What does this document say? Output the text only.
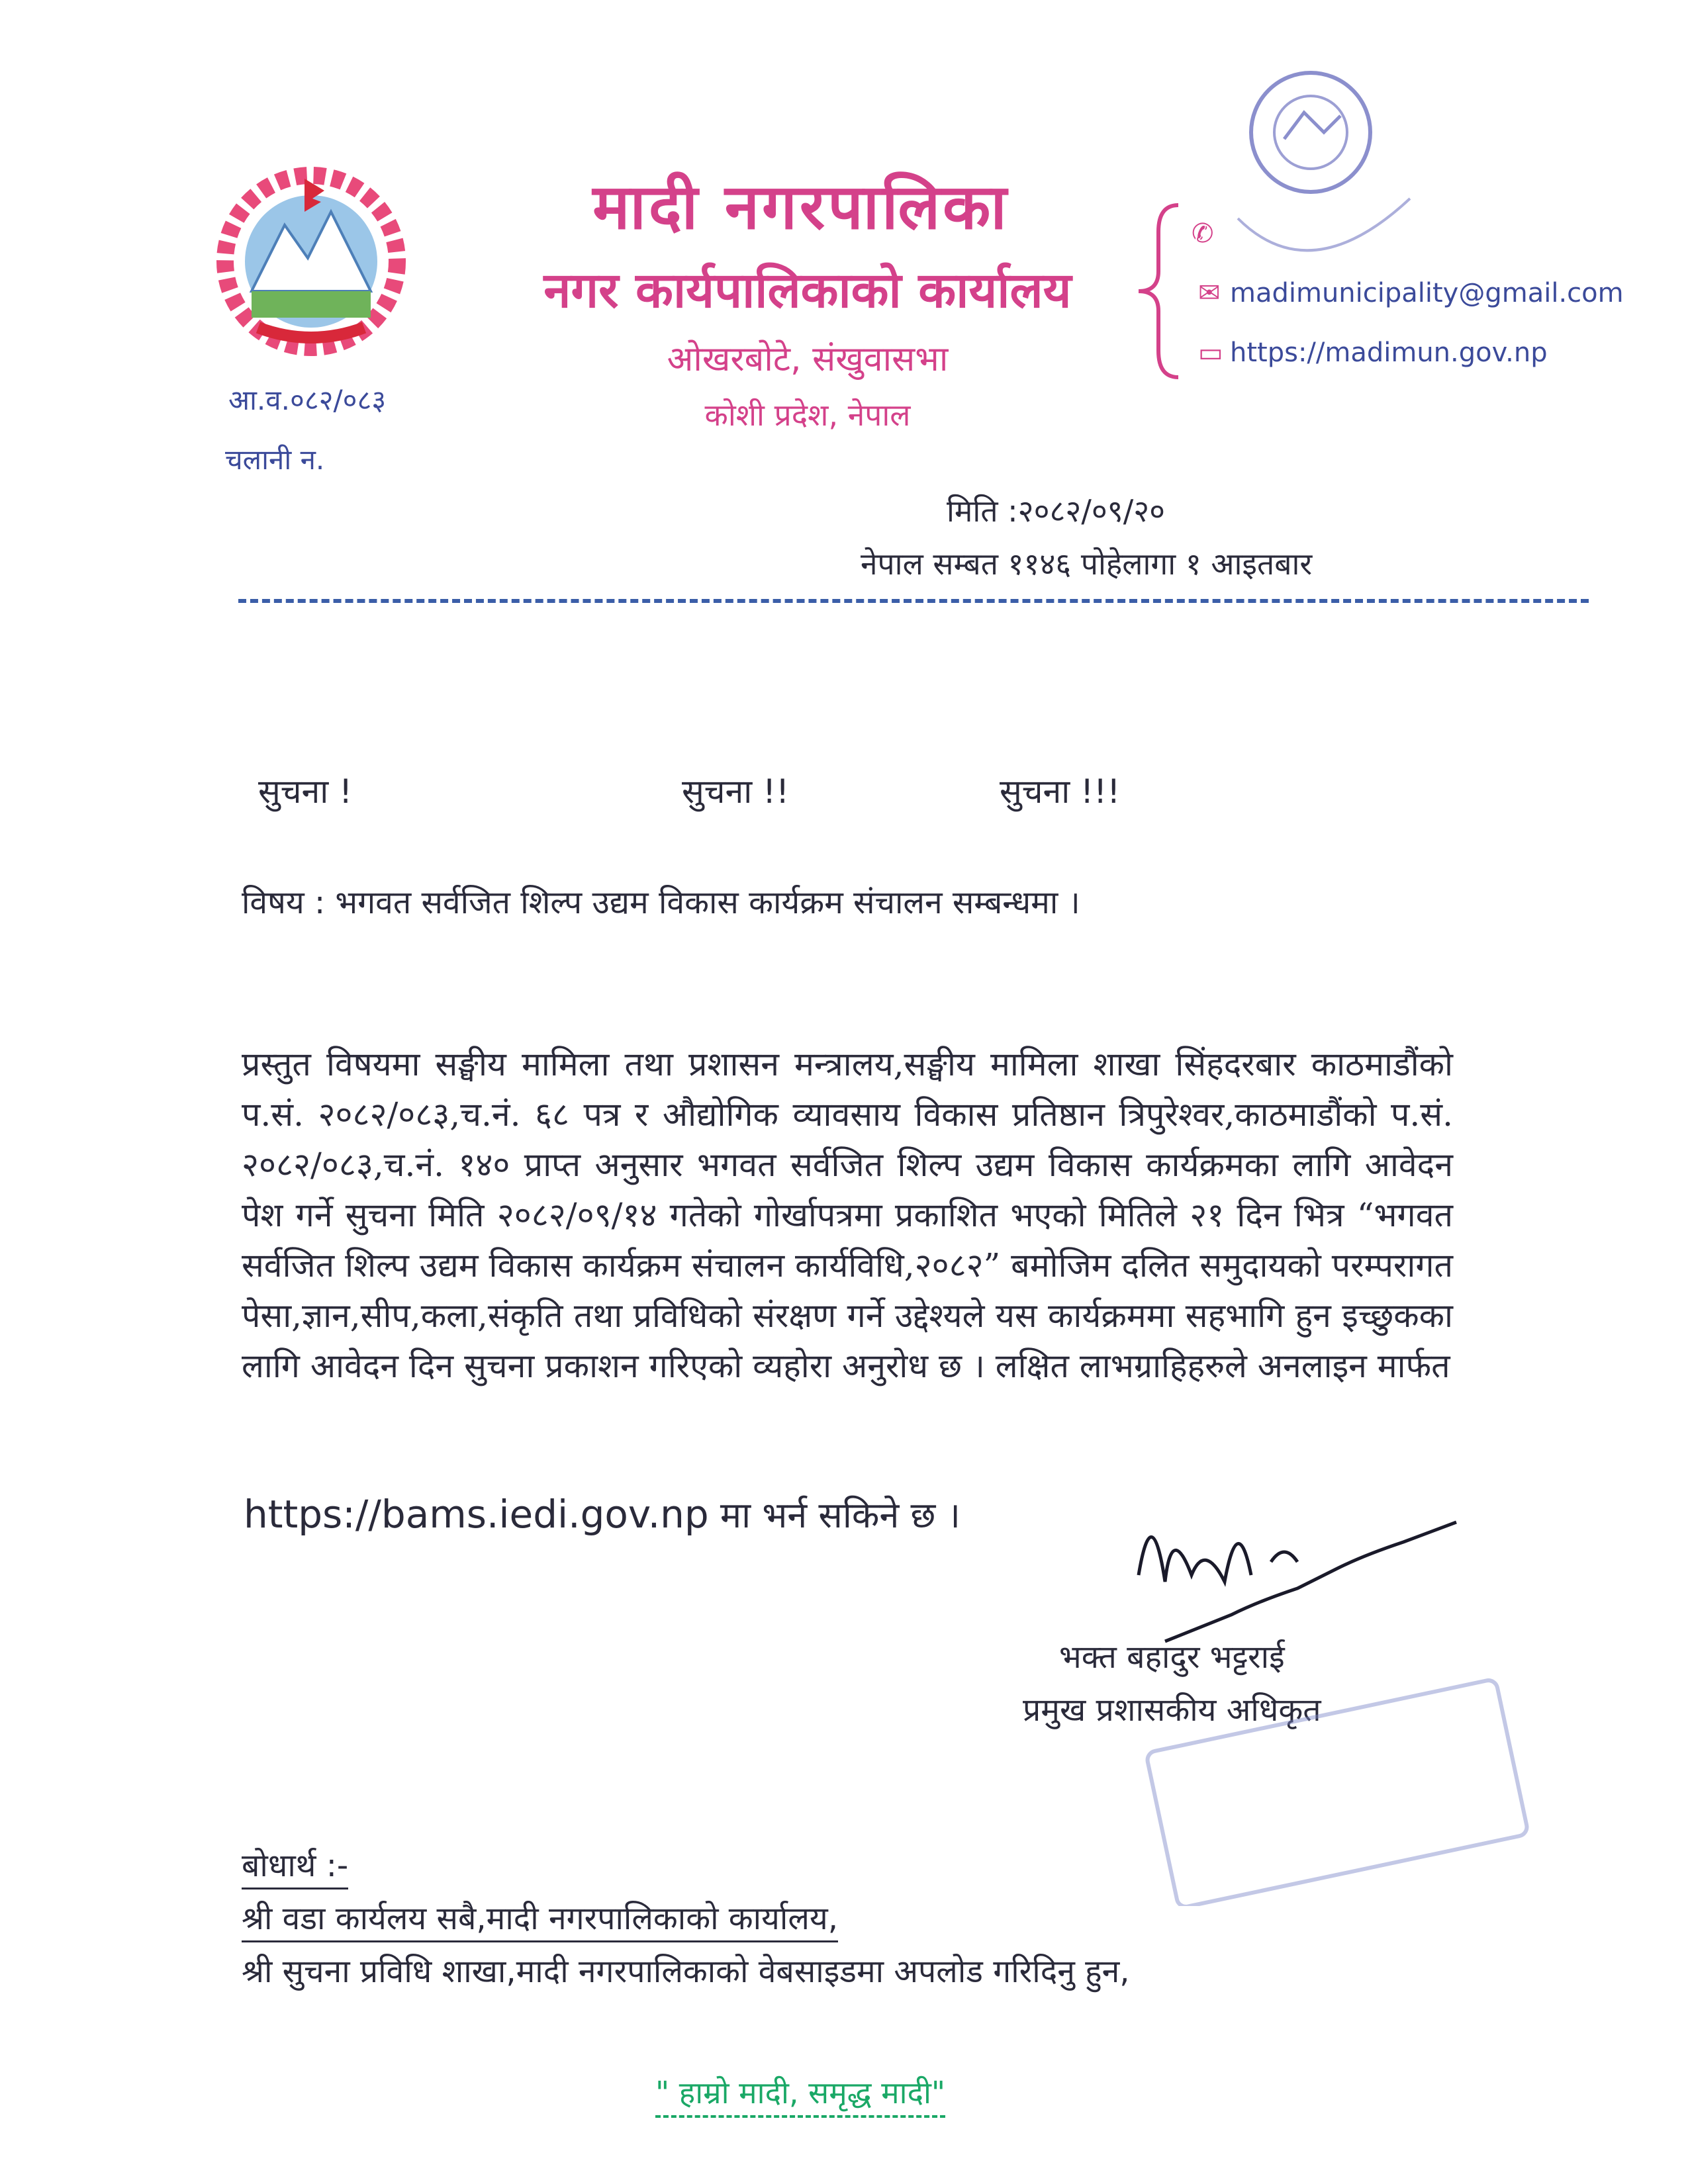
मादी नगरपालिका
नगर कार्यपालिकाको कार्यालय
ओखरबोटे, संखुवासभा
कोशी प्रदेश, नेपाल
आ.व.०८२/०८३
चलानी न.
✆
✉ madimunicipality@gmail.com
▭ https://madimun.gov.np
मिति :२०८२/०९/२०
नेपाल सम्बत ११४६ पोहेलागा १ आइतबार
सुचना !	सुचना !!	सुचना !!!
विषय : भगवत सर्वजित शिल्प उद्यम विकास कार्यक्रम संचालन सम्बन्धमा ।
प्रस्तुत विषयमा सङ्घीय मामिला तथा प्रशासन मन्त्रालय,सङ्घीय मामिला शाखा सिंहदरबार काठमाडौंको प.सं. २०८२/०८३,च.नं. ६८ पत्र र औद्योगिक व्यावसाय विकास प्रतिष्ठान त्रिपुरेश्वर,काठमाडौंको प.सं. २०८२/०८३,च.नं. १४० प्राप्त अनुसार भगवत सर्वजित शिल्प उद्यम विकास कार्यक्रमका लागि आवेदन पेश गर्ने सुचना मिति २०८२/०९/१४ गतेको गोर्खापत्रमा प्रकाशित भएको मितिले २१ दिन भित्र “भगवत सर्वजित शिल्प उद्यम विकास कार्यक्रम संचालन कार्यविधि,२०८२” बमोजिम दलित समुदायको परम्परागत पेसा,ज्ञान,सीप,कला,संकृति तथा प्रविधिको संरक्षण गर्ने उद्देश्यले यस कार्यक्रममा सहभागि हुन इच्छुकका लागि आवेदन दिन सुचना प्रकाशन गरिएको व्यहोरा अनुरोध छ । लक्षित लाभग्राहिहरुले अनलाइन मार्फत
https://bams.iedi.gov.np मा भर्न सकिने छ ।
भक्त बहादुर भट्टराई
प्रमुख प्रशासकीय अधिकृत
बोधार्थ :-
श्री वडा कार्यलय सबै,मादी नगरपालिकाको कार्यालय,
श्री सुचना प्रविधि शाखा,मादी नगरपालिकाको वेबसाइडमा अपलोड गरिदिनु हुन,
" हाम्रो मादी, समृद्ध मादी"
